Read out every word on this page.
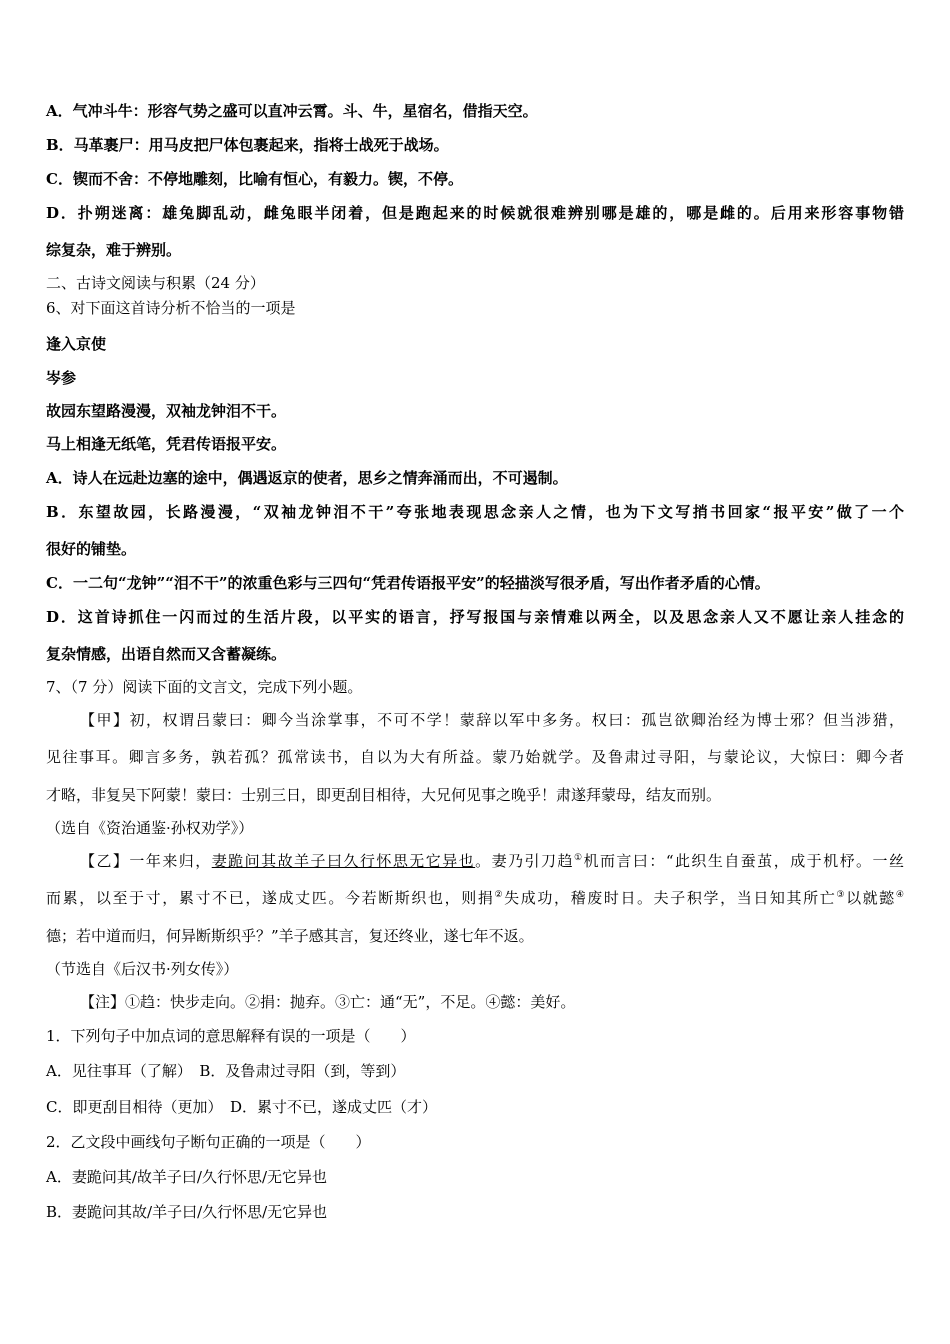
A．气冲斗牛：形容气势之盛可以直冲云霄。斗、牛，星宿名，借指天空。
B．马革裹尸：用马皮把尸体包裹起来，指将士战死于战场。
C．锲而不舍：不停地雕刻，比喻有恒心，有毅力。锲，不停。
D．扑朔迷离：雄兔脚乱动，雌兔眼半闭着，但是跑起来的时候就很难辨别哪是雄的，哪是雌的。后用来形容事物错
综复杂，难于辨别。
二、古诗文阅读与积累（24 分）
6、对下面这首诗分析不恰当的一项是
逢入京使
岑参
故园东望路漫漫，双袖龙钟泪不干。
马上相逢无纸笔，凭君传语报平安。
A．诗人在远赴边塞的途中，偶遇返京的使者，思乡之情奔涌而出，不可遏制。
B．东望故园，长路漫漫，“双袖龙钟泪不干”夸张地表现思念亲人之情，也为下文写捎书回家“报平安”做了一个
很好的铺垫。
C．一二句“龙钟”“泪不干”的浓重色彩与三四句“凭君传语报平安”的轻描淡写很矛盾，写出作者矛盾的心情。
D．这首诗抓住一闪而过的生活片段，以平实的语言，抒写报国与亲情难以两全，以及思念亲人又不愿让亲人挂念的
复杂情感，出语自然而又含蓄凝练。
7、（7 分）阅读下面的文言文，完成下列小题。
【甲】初，权谓吕蒙曰：卿今当涂掌事，不可不学！蒙辞以军中多务。权曰：孤岂欲卿治经为博士邪？但当涉猎，
见往事耳。卿言多务，孰若孤？孤常读书，自以为大有所益。蒙乃始就学。及鲁肃过寻阳，与蒙论议，大惊曰：卿今者
才略，非复吴下阿蒙！蒙曰：士别三日，即更刮目相待，大兄何见事之晚乎！肃遂拜蒙母，结友而别。
（选自《资治通鉴·孙权劝学》）
【乙】一年来归，妻跪问其故羊子曰久行怀思无它异也。妻乃引刀趋①机而言曰：“此织生自蚕茧，成于机杼。一丝
而累，以至于寸，累寸不已，遂成丈匹。今若断斯织也，则捐②失成功，稽废时日。夫子积学，当日知其所亡③以就懿④
德；若中道而归，何异断斯织乎？”羊子感其言，复还终业，遂七年不返。
（节选自《后汉书·列女传》）
【注】①趋：快步走向。②捐：抛弃。③亡：通“无”，不足。④懿：美好。
1．下列句子中加点词的意思解释有误的一项是（　　）
A．见往事耳（了解）　B．及鲁肃过寻阳（到，等到）
C．即更刮目相待（更加）　D．累寸不已，遂成丈匹（才）
2．乙文段中画线句子断句正确的一项是（　　）
A．妻跪问其/故羊子曰/久行怀思/无它异也
B．妻跪问其故/羊子曰/久行怀思/无它异也
